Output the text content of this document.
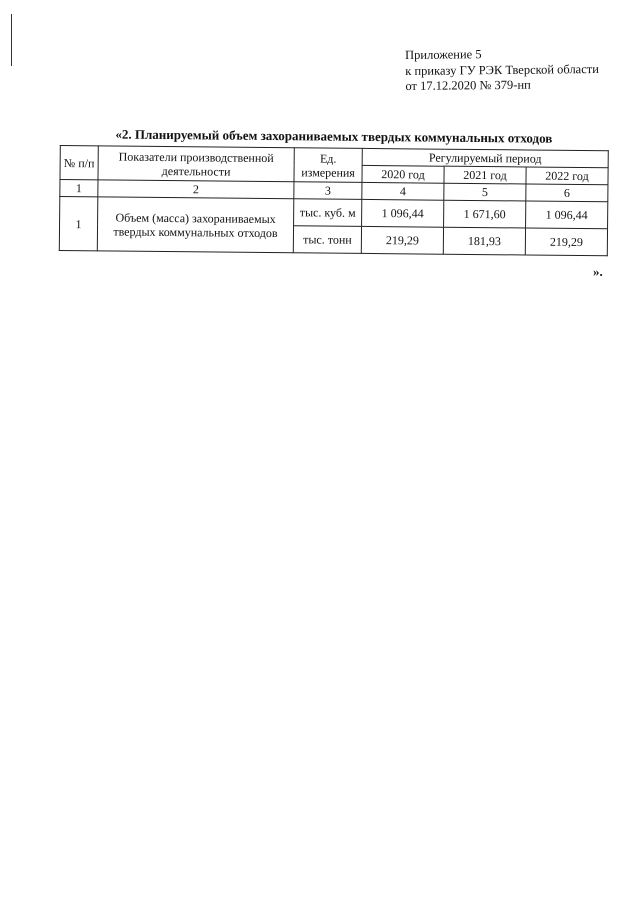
Приложение 5
к приказу ГУ РЭК Тверской области
от 17.12.2020 № 379-нп
«2. Планируемый объем захораниваемых твердых коммунальных отходов
№ п/п	Показатели производственной деятельности	Ед. измерения	Регулируемый период		
			2020 год	2021 год	2022 год
1	2	3	4	5	6
1	Объем (масса) захораниваемых твердых коммунальных отходов	тыс. куб. м	1 096,44	1 671,60	1 096,44
		тыс. тонн	219,29	181,93	219,29
».
